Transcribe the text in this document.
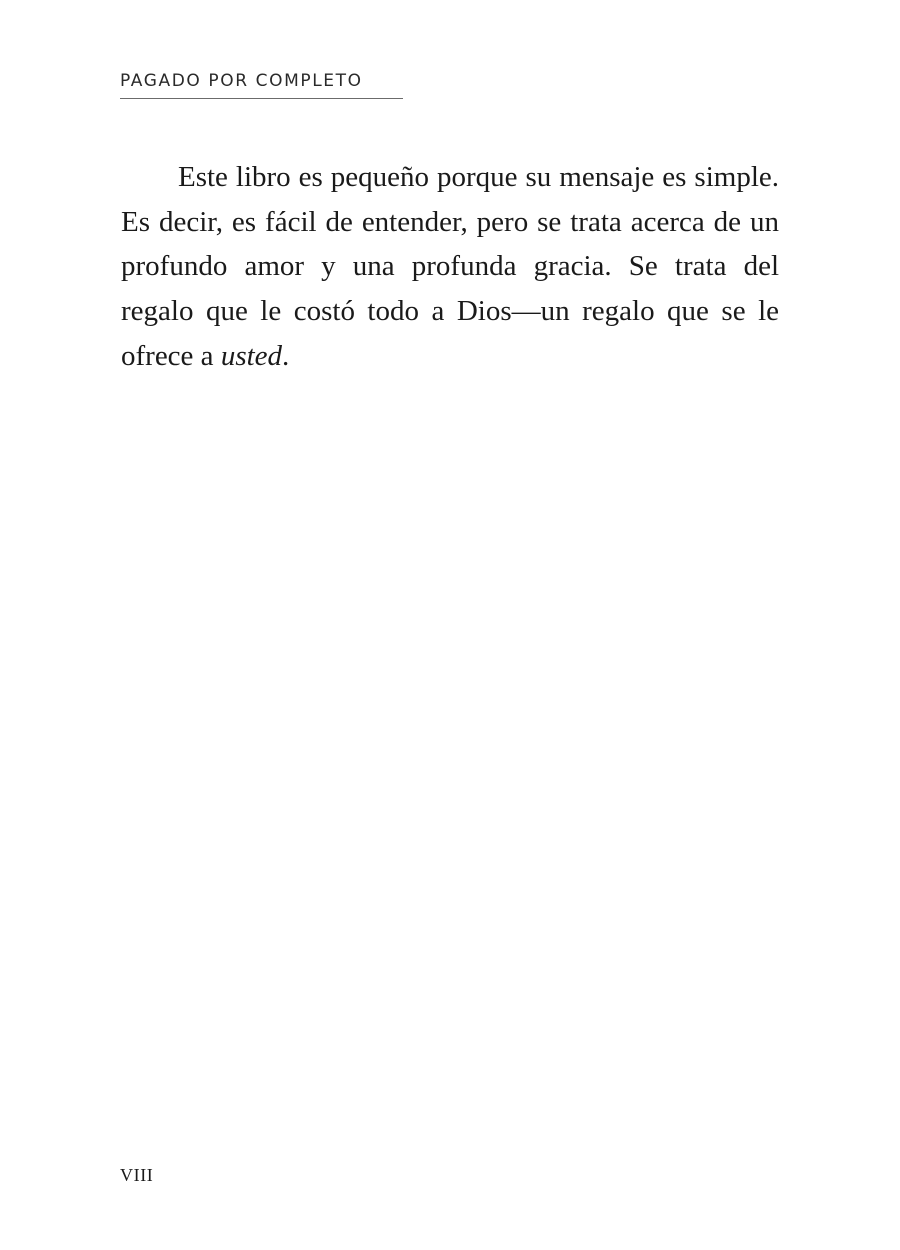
PAGADO POR COMPLETO

Este libro es pequeño porque su mensaje es simple. Es decir, es fácil de entender, pero se trata acerca de un profundo amor y una profunda gracia. Se trata del regalo que le costó todo a Dios—un regalo que se le ofrece a usted.

VIII
